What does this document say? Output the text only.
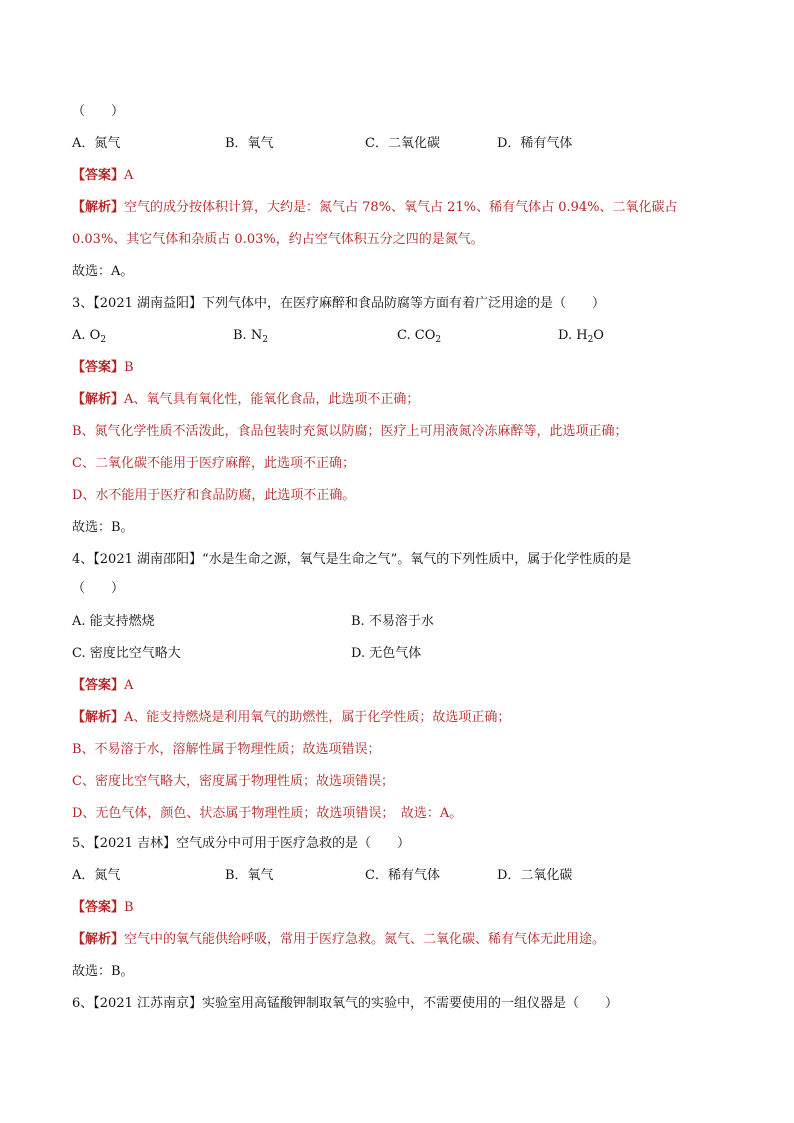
（　　）
A．氮气	B．氧气	C．二氧化碳	D．稀有气体
【答案】A
【解析】空气的成分按体积计算，大约是：氮气占 78%、氧气占 21%、稀有气体占 0.94%、二氧化碳占
0.03%、其它气体和杂质占 0.03%，约占空气体积五分之四的是氮气。
故选：A。
3、【2021 湖南益阳】下列气体中，在医疗麻醉和食品防腐等方面有着广泛用途的是（　　）
A. $O_2$	B. $N_2$	C. $CO_2$	D. $H_2O$
【答案】B
【解析】A、氧气具有氧化性，能氧化食品，此选项不正确；
B、氮气化学性质不活泼此，食品包装时充氮以防腐；医疗上可用液氮冷冻麻醉等，此选项正确；
C、二氧化碳不能用于医疗麻醉，此选项不正确；
D、水不能用于医疗和食品防腐，此选项不正确。
故选：B。
4、【2021 湖南邵阳】“水是生命之源，氧气是生命之气”。氧气的下列性质中，属于化学性质的是
（　　）
A. 能支持燃烧	B. 不易溶于水
C. 密度比空气略大	D. 无色气体
【答案】A
【解析】A、能支持燃烧是利用氧气的助燃性，属于化学性质；故选项正确；
B、不易溶于水，溶解性属于物理性质；故选项错误；
C、密度比空气略大，密度属于物理性质；故选项错误；
D、无色气体，颜色、状态属于物理性质；故选项错误；　故选：A。
5、【2021 吉林】空气成分中可用于医疗急救的是（　　）
A．氮气	B．氧气	C．稀有气体	D．二氧化碳
【答案】B
【解析】空气中的氧气能供给呼吸，常用于医疗急救。氮气、二氧化碳、稀有气体无此用途。
故选：B。
6、【2021 江苏南京】实验室用高锰酸钾制取氧气的实验中，不需要使用的一组仪器是（　　）
